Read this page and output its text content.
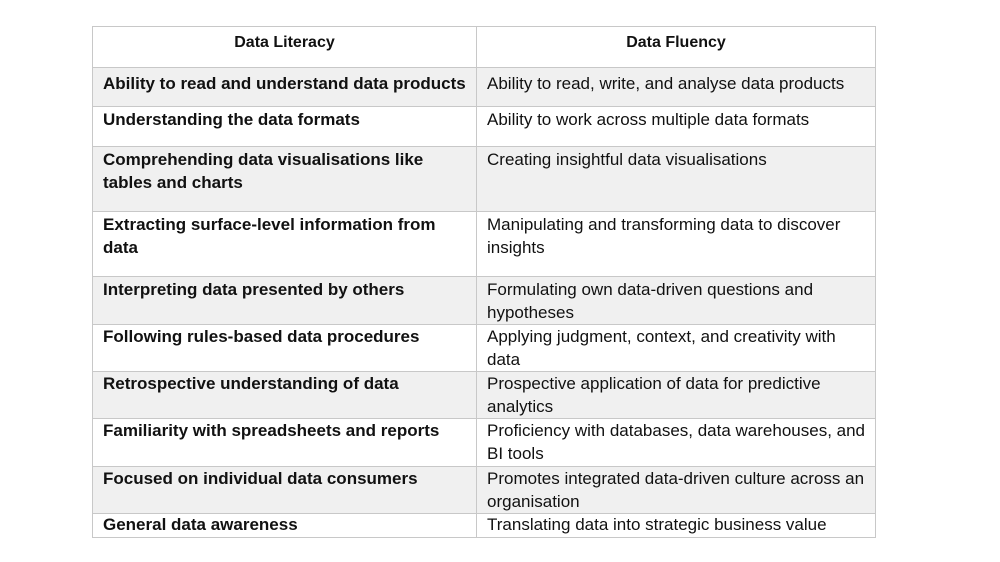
Data Literacy	Data Fluency
Ability to read and understand data products	Ability to read, write, and analyse data products
Understanding the data formats	Ability to work across multiple data formats
Comprehending data visualisations like tables and charts	Creating insightful data visualisations
Extracting surface-level information from data	Manipulating and transforming data to discover insights
Interpreting data presented by others	Formulating own data-driven questions and hypotheses
Following rules-based data procedures	Applying judgment, context, and creativity with data
Retrospective understanding of data	Prospective application of data for predictive analytics
Familiarity with spreadsheets and reports	Proficiency with databases, data warehouses, and BI tools
Focused on individual data consumers	Promotes integrated data-driven culture across an organisation
General data awareness	Translating data into strategic business value
